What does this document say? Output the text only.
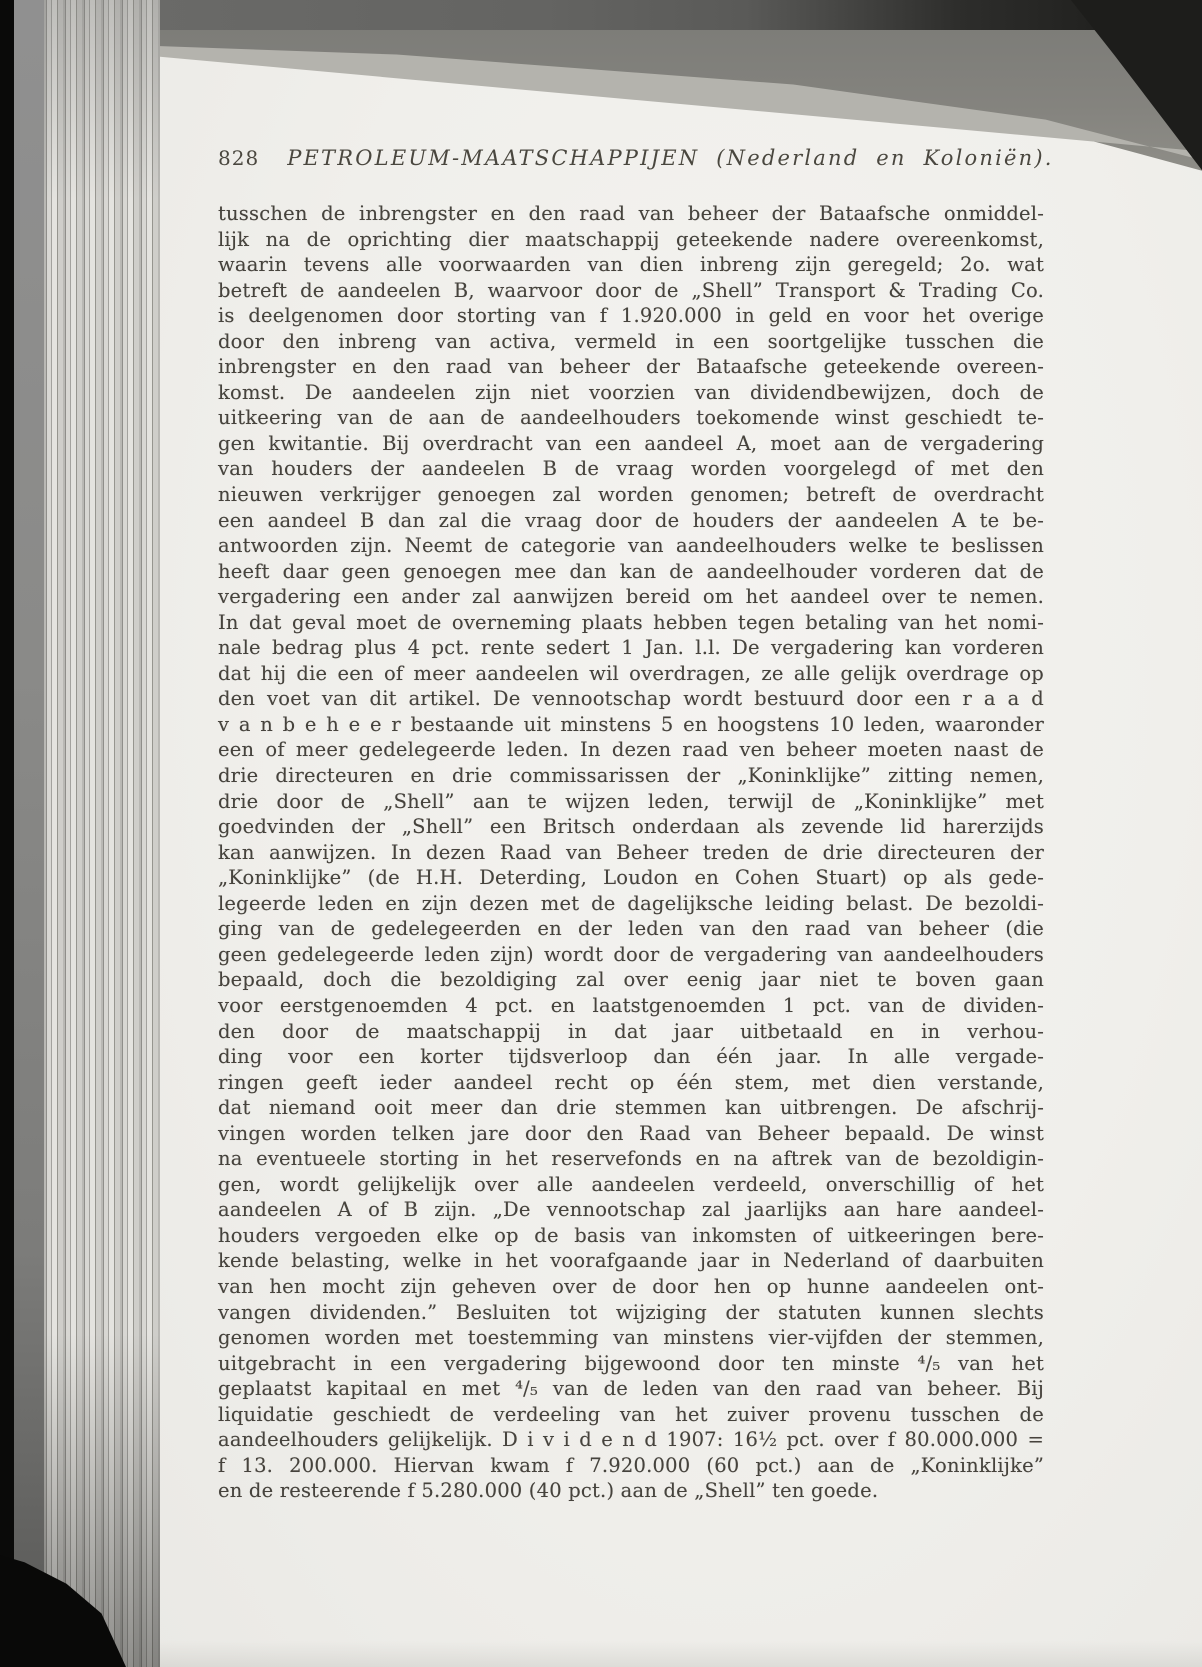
828 PETROLEUM-MAATSCHAPPIJEN (Nederland en Koloniën).
tusschen de inbrengster en den raad van beheer der Bataafsche onmiddel-
lijk na de oprichting dier maatschappij geteekende nadere overeenkomst,
waarin tevens alle voorwaarden van dien inbreng zijn geregeld; 2o. wat
betreft de aandeelen B, waarvoor door de „Shell” Transport & Trading Co.
is deelgenomen door storting van f 1.920.000 in geld en voor het overige
door den inbreng van activa, vermeld in een soortgelijke tusschen die
inbrengster en den raad van beheer der Bataafsche geteekende overeen-
komst. De aandeelen zijn niet voorzien van dividendbewijzen, doch de
uitkeering van de aan de aandeelhouders toekomende winst geschiedt te-
gen kwitantie. Bij overdracht van een aandeel A, moet aan de vergadering
van houders der aandeelen B de vraag worden voorgelegd of met den
nieuwen verkrijger genoegen zal worden genomen; betreft de overdracht
een aandeel B dan zal die vraag door de houders der aandeelen A te be-
antwoorden zijn. Neemt de categorie van aandeelhouders welke te beslissen
heeft daar geen genoegen mee dan kan de aandeelhouder vorderen dat de
vergadering een ander zal aanwijzen bereid om het aandeel over te nemen.
In dat geval moet de overneming plaats hebben tegen betaling van het nomi-
nale bedrag plus 4 pct. rente sedert 1 Jan. l.l. De vergadering kan vorderen
dat hij die een of meer aandeelen wil overdragen, ze alle gelijk overdrage op
den voet van dit artikel. De vennootschap wordt bestuurd door een r a a d
v a n b e h e e r bestaande uit minstens 5 en hoogstens 10 leden, waaronder
een of meer gedelegeerde leden. In dezen raad ven beheer moeten naast de
drie directeuren en drie commissarissen der „Koninklijke” zitting nemen,
drie door de „Shell” aan te wijzen leden, terwijl de „Koninklijke” met
goedvinden der „Shell” een Britsch onderdaan als zevende lid harerzijds
kan aanwijzen. In dezen Raad van Beheer treden de drie directeuren der
„Koninklijke” (de H.H. Deterding, Loudon en Cohen Stuart) op als gede-
legeerde leden en zijn dezen met de dagelijksche leiding belast. De bezoldi-
ging van de gedelegeerden en der leden van den raad van beheer (die
geen gedelegeerde leden zijn) wordt door de vergadering van aandeelhouders
bepaald, doch die bezoldiging zal over eenig jaar niet te boven gaan
voor eerstgenoemden 4 pct. en laatstgenoemden 1 pct. van de dividen-
den door de maatschappij in dat jaar uitbetaald en in verhou-
ding voor een korter tijdsverloop dan één jaar. In alle vergade-
ringen geeft ieder aandeel recht op één stem, met dien verstande,
dat niemand ooit meer dan drie stemmen kan uitbrengen. De afschrij-
vingen worden telken jare door den Raad van Beheer bepaald. De winst
na eventueele storting in het reservefonds en na aftrek van de bezoldigin-
gen, wordt gelijkelijk over alle aandeelen verdeeld, onverschillig of het
aandeelen A of B zijn. „De vennootschap zal jaarlijks aan hare aandeel-
houders vergoeden elke op de basis van inkomsten of uitkeeringen bere-
kende belasting, welke in het voorafgaande jaar in Nederland of daarbuiten
van hen mocht zijn geheven over de door hen op hunne aandeelen ont-
vangen dividenden.” Besluiten tot wijziging der statuten kunnen slechts
genomen worden met toestemming van minstens vier-vijfden der stemmen,
uitgebracht in een vergadering bijgewoond door ten minste ⁴/₅ van het
geplaatst kapitaal en met ⁴/₅ van de leden van den raad van beheer. Bij
liquidatie geschiedt de verdeeling van het zuiver provenu tusschen de
aandeelhouders gelijkelijk. D i v i d e n d 1907: 16½ pct. over f 80.000.000 =
f 13. 200.000. Hiervan kwam f 7.920.000 (60 pct.) aan de „Koninklijke”
en de resteerende f 5.280.000 (40 pct.) aan de „Shell” ten goede.
